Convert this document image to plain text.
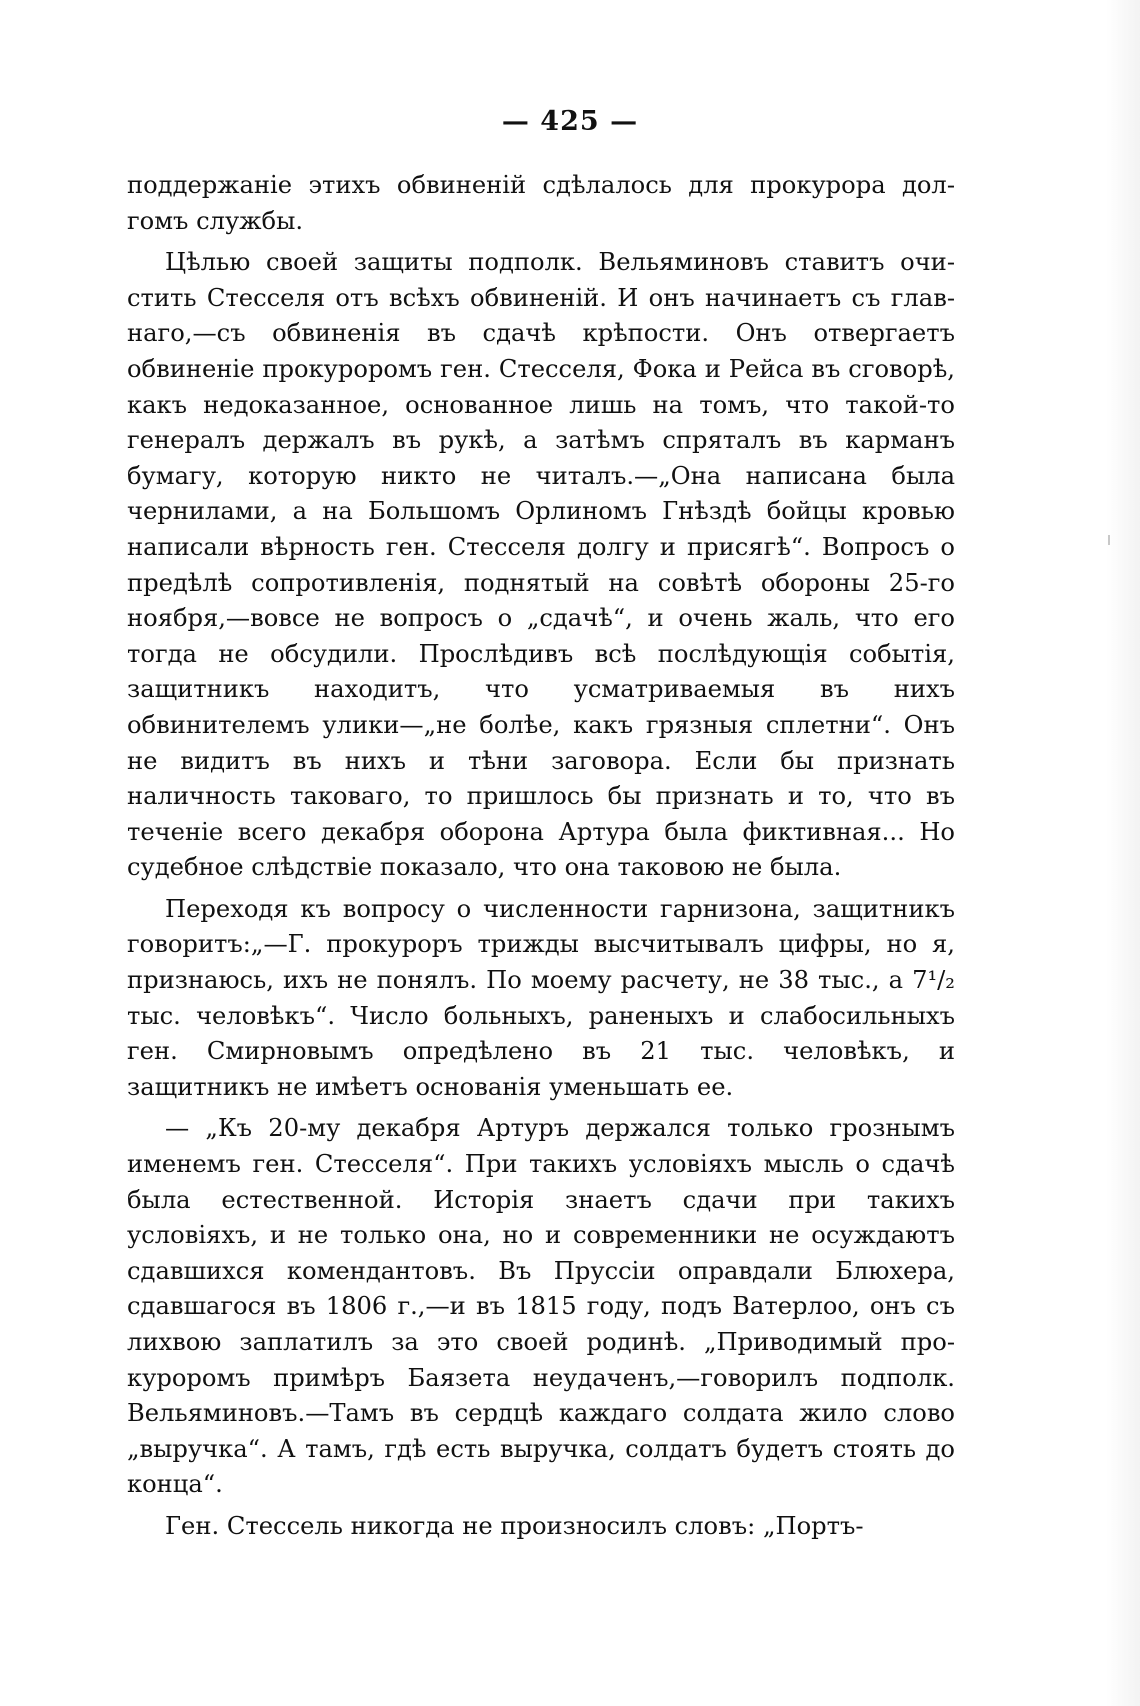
— 425 —

поддержаніе этихъ обвиненій сдѣлалось для прокурора долгомъ службы.

Цѣлью своей защиты подполк. Вельяминовъ ставитъ очистить Стесселя отъ всѣхъ обвиненій. И онъ начинаетъ съ главнаго,—съ обвиненія въ сдачѣ крѣпости. Онъ отвергаетъ обвиненіе прокуроромъ ген. Стесселя, Фока и Рейса въ сговорѣ, какъ недоказанное, основанное лишь на томъ, что такой-то генералъ держалъ въ рукѣ, а затѣмъ спряталъ въ карманъ бумагу, которую никто не читалъ.—„Она написана была чернилами, а на Большомъ Орлиномъ Гнѣздѣ бойцы кровью написали вѣрность ген. Стесселя долгу и присягѣ“. Вопросъ о предѣлѣ сопротивленія, поднятый на совѣтѣ обороны 25-го ноября,—вовсе не вопросъ о „сдачѣ“, и очень жаль, что его тогда не обсудили. Прослѣдивъ всѣ послѣдующія событія, защитникъ находитъ, что усматриваемыя въ нихъ обвинителемъ улики—„не болѣе, какъ грязныя сплетни“. Онъ не видитъ въ нихъ и тѣни заговора. Если бы признать наличность таковаго, то пришлось бы признать и то, что въ теченіе всего декабря оборона Артура была фиктивная... Но судебное слѣдствіе показало, что она таковою не была.

Переходя къ вопросу о численности гарнизона, защитникъ говоритъ:„—Г. прокуроръ трижды высчитывалъ цифры, но я, признаюсь, ихъ не понялъ. По моему расчету, не 38 тыс., а 7¹/₂ тыс. человѣкъ“. Число больныхъ, раненыхъ и слабосильныхъ ген. Смирновымъ опредѣлено въ 21 тыс. человѣкъ, и защитникъ не имѣетъ основанія уменьшать ее.

— „Къ 20-му декабря Артуръ держался только грознымъ именемъ ген. Стесселя“. При такихъ условіяхъ мысль о сдачѣ была естественной. Исторія знаетъ сдачи при такихъ условіяхъ, и не только она, но и современники не осуждаютъ сдавшихся комендантовъ. Въ Пруссіи оправдали Блюхера, сдавшагося въ 1806 г.,—и въ 1815 году, подъ Ватерлоо, онъ съ лихвою заплатилъ за это своей родинѣ. „Приводимый прокуроромъ примѣръ Баязета неудаченъ,—говорилъ подполк. Вельяминовъ.—Тамъ въ сердцѣ каждаго солдата жило слово „выручка“. А тамъ, гдѣ есть выручка, солдатъ будетъ стоять до конца“.

Ген. Стессель никогда не произносилъ словъ: „Портъ-
